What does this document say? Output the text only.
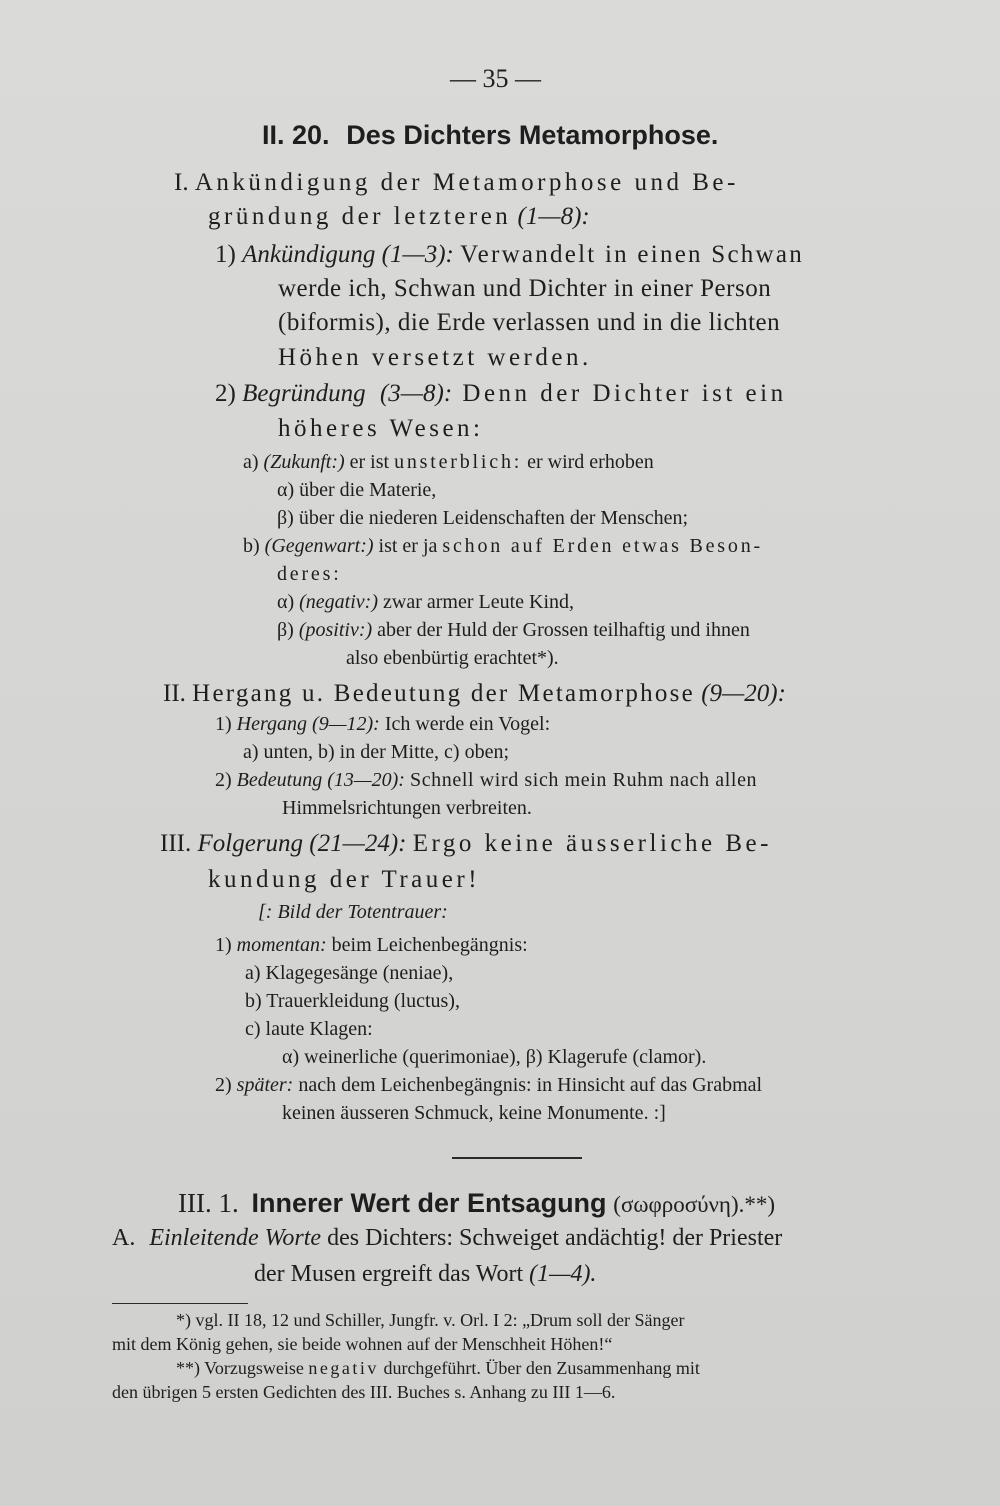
— 35 —
II. 20. Des Dichters Metamorphose.
I. Ankündigung der Metamorphose und Be-
gründung der letzteren (1—8):
1) Ankündigung (1—3): Verwandelt in einen Schwan
werde ich, Schwan und Dichter in einer Person
(biformis), die Erde verlassen und in die lichten
Höhen versetzt werden.
2) Begründung (3—8): Denn der Dichter ist ein
höheres Wesen:
a) (Zukunft:) er ist unsterblich: er wird erhoben
α) über die Materie,
β) über die niederen Leidenschaften der Menschen;
b) (Gegenwart:) ist er ja schon auf Erden etwas Beson-
deres:
α) (negativ:) zwar armer Leute Kind,
β) (positiv:) aber der Huld der Grossen teilhaftig und ihnen
also ebenbürtig erachtet*).
II. Hergang u. Bedeutung der Metamorphose (9—20):
1) Hergang (9—12): Ich werde ein Vogel:
a) unten, b) in der Mitte, c) oben;
2) Bedeutung (13—20): Schnell wird sich mein Ruhm nach allen
Himmelsrichtungen verbreiten.
III. Folgerung (21—24): Ergo keine äusserliche Be-
kundung der Trauer!
[: Bild der Totentrauer:
1) momentan: beim Leichenbegängnis:
a) Klagegesänge (neniae),
b) Trauerkleidung (luctus),
c) laute Klagen:
α) weinerliche (querimoniae), β) Klagerufe (clamor).
2) später: nach dem Leichenbegängnis: in Hinsicht auf das Grabmal
keinen äusseren Schmuck, keine Monumente. :]
III. 1. Innerer Wert der Entsagung (σωφροσύνη).**)
A. Einleitende Worte des Dichters: Schweiget andächtig! der Priester
der Musen ergreift das Wort (1—4).
*) vgl. II 18, 12 und Schiller, Jungfr. v. Orl. I 2: „Drum soll der Sänger
mit dem König gehen, sie beide wohnen auf der Menschheit Höhen!“
**) Vorzugsweise negativ durchgeführt. Über den Zusammenhang mit
den übrigen 5 ersten Gedichten des III. Buches s. Anhang zu III 1—6.
